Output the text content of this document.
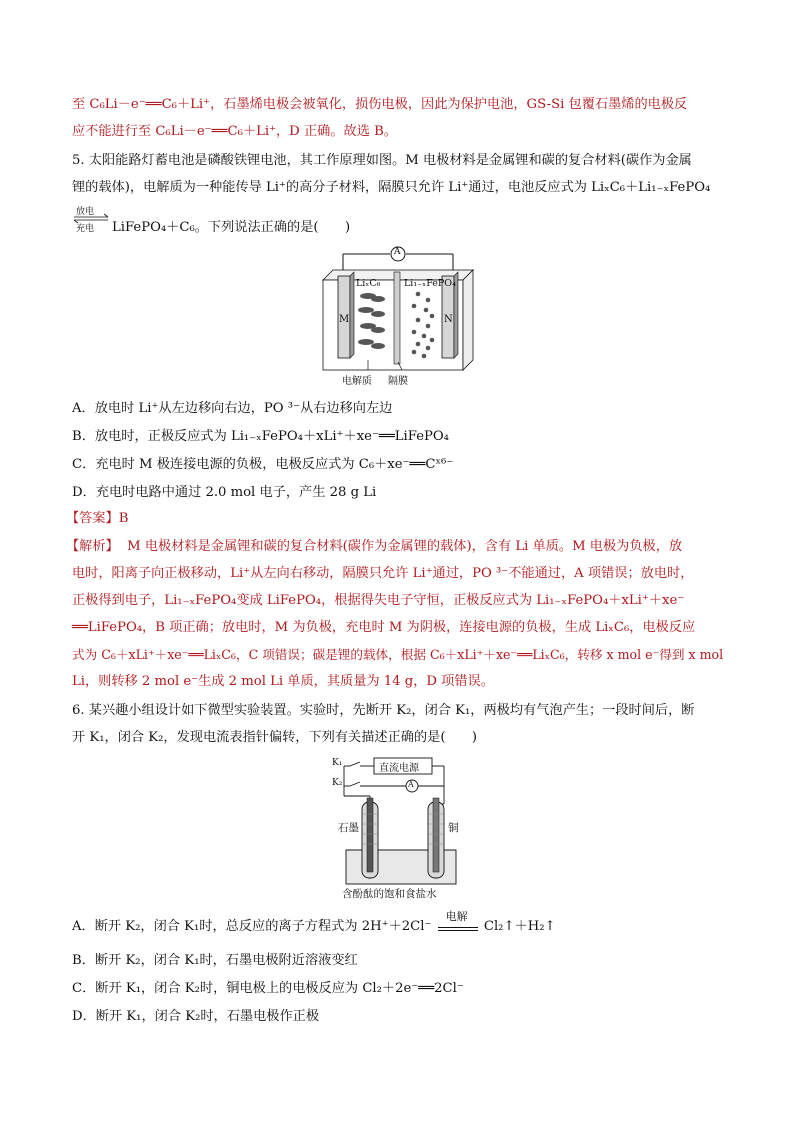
至 C₆Li－e⁻══C₆＋Li⁺，石墨烯电极会被氧化，损伤电极，因此为保护电池，GS-Si 包覆石墨烯的电极反
应不能进行至 C₆Li－e⁻══C₆＋Li⁺，D 正确。故选 B。
5. 太阳能路灯蓄电池是磷酸铁锂电池，其工作原理如图。M 电极材料是金属锂和碳的复合材料(碳作为金属
锂的载体)，电解质为一种能传导 Li⁺的高分子材料，隔膜只允许 Li⁺通过，电池反应式为 LiₓC₆＋Li₁₋ₓFePO₄
放电
充电 LiFePO₄＋C₆。下列说法正确的是(　　)
A
LiₓC₆ Li₁₋ₓFePO₄
M	N
电解质 隔膜
A．放电时 Li⁺从左边移向右边，PO ³⁻从右边移向左边
B．放电时，正极反应式为 Li₁₋ₓFePO₄＋xLi⁺＋xe⁻══LiFePO₄
C．充电时 M 极连接电源的负极，电极反应式为 C₆＋xe⁻══Cˣ⁶⁻
D．充电时电路中通过 2.0 mol 电子，产生 28 g Li
【答案】B
【解析】 M 电极材料是金属锂和碳的复合材料(碳作为金属锂的载体)，含有 Li 单质。M 电极为负极，放
电时，阳离子向正极移动，Li⁺从左向右移动，隔膜只允许 Li⁺通过，PO ³⁻不能通过，A 项错误；放电时，
正极得到电子，Li₁₋ₓFePO₄变成 LiFePO₄，根据得失电子守恒，正极反应式为 Li₁₋ₓFePO₄＋xLi⁺＋xe⁻
══LiFePO₄，B 项正确；放电时，M 为负极，充电时 M 为阴极，连接电源的负极，生成 LiₓC₆，电极反应
式为 C₆＋xLi⁺＋xe⁻══LiₓC₆，C 项错误；碳是锂的载体，根据 C₆＋xLi⁺＋xe⁻══LiₓC₆，转移 x mol e⁻得到 x mol
Li，则转移 2 mol e⁻生成 2 mol Li 单质，其质量为 14 g，D 项错误。
6. 某兴趣小组设计如下微型实验装置。实验时，先断开 K₂，闭合 K₁，两极均有气泡产生；一段时间后，断
开 K₁，闭合 K₂，发现电流表指针偏转，下列有关描述正确的是(　　)
K₁
K₂
直流电源
A
石墨	铜
含酚酞的饱和食盐水
A．断开 K₂，闭合 K₁时，总反应的离子方程式为 2H⁺＋2Cl⁻
电解
Cl₂↑＋H₂↑
B．断开 K₂，闭合 K₁时，石墨电极附近溶液变红
C．断开 K₁，闭合 K₂时，铜电极上的电极反应为 Cl₂＋2e⁻══2Cl⁻
D．断开 K₁，闭合 K₂时，石墨电极作正极
